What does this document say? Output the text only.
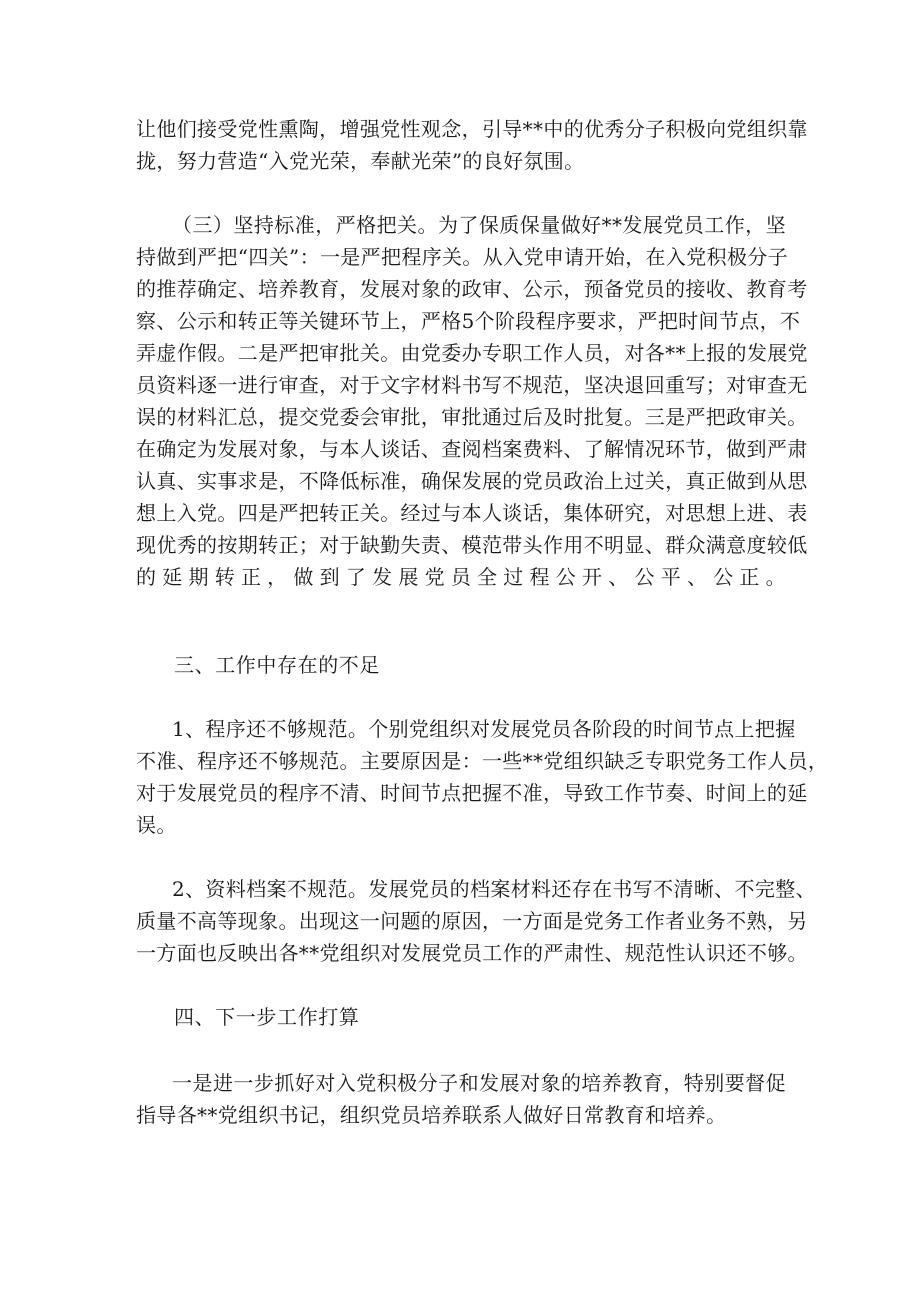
让他们接受党性熏陶，增强党性观念，引导**中的优秀分子积极向党组织靠
拢，努力营造“入党光荣，奉献光荣”的良好氛围。
（三）坚持标准，严格把关。为了保质保量做好**发展党员工作，坚
持做到严把“四关”：一是严把程序关。从入党申请开始，在入党积极分子
的推荐确定、培养教育，发展对象的政审、公示，预备党员的接收、教育考
察、公示和转正等关键环节上，严格5个阶段程序要求，严把时间节点，不
弄虚作假。二是严把审批关。由党委办专职工作人员，对各**上报的发展党
员资料逐一进行审查，对于文字材料书写不规范，坚决退回重写；对审查无
误的材料汇总，提交党委会审批，审批通过后及时批复。三是严把政审关。
在确定为发展对象，与本人谈话、查阅档案费料、了解情况环节，做到严肃
认真、实事求是，不降低标准，确保发展的党员政治上过关，真正做到从思
想上入党。四是严把转正关。经过与本人谈话，集体研究，对思想上进、表
现优秀的按期转正；对于缺勤失责、模范带头作用不明显、群众满意度较低
的延期转正，做到了发展党员全过程公开、公平、公正。
三、工作中存在的不足
1、程序还不够规范。个别党组织对发展党员各阶段的时间节点上把握
不准、程序还不够规范。主要原因是：一些**党组织缺乏专职党务工作人员，
对于发展党员的程序不清、时间节点把握不准，导致工作节奏、时间上的延
误。
2、资料档案不规范。发展党员的档案材料还存在书写不清晰、不完整、
质量不高等现象。出现这一问题的原因，一方面是党务工作者业务不熟，另
一方面也反映出各**党组织对发展党员工作的严肃性、规范性认识还不够。
四、下一步工作打算
一是进一步抓好对入党积极分子和发展对象的培养教育，特别要督促
指导各**党组织书记，组织党员培养联系人做好日常教育和培养。
